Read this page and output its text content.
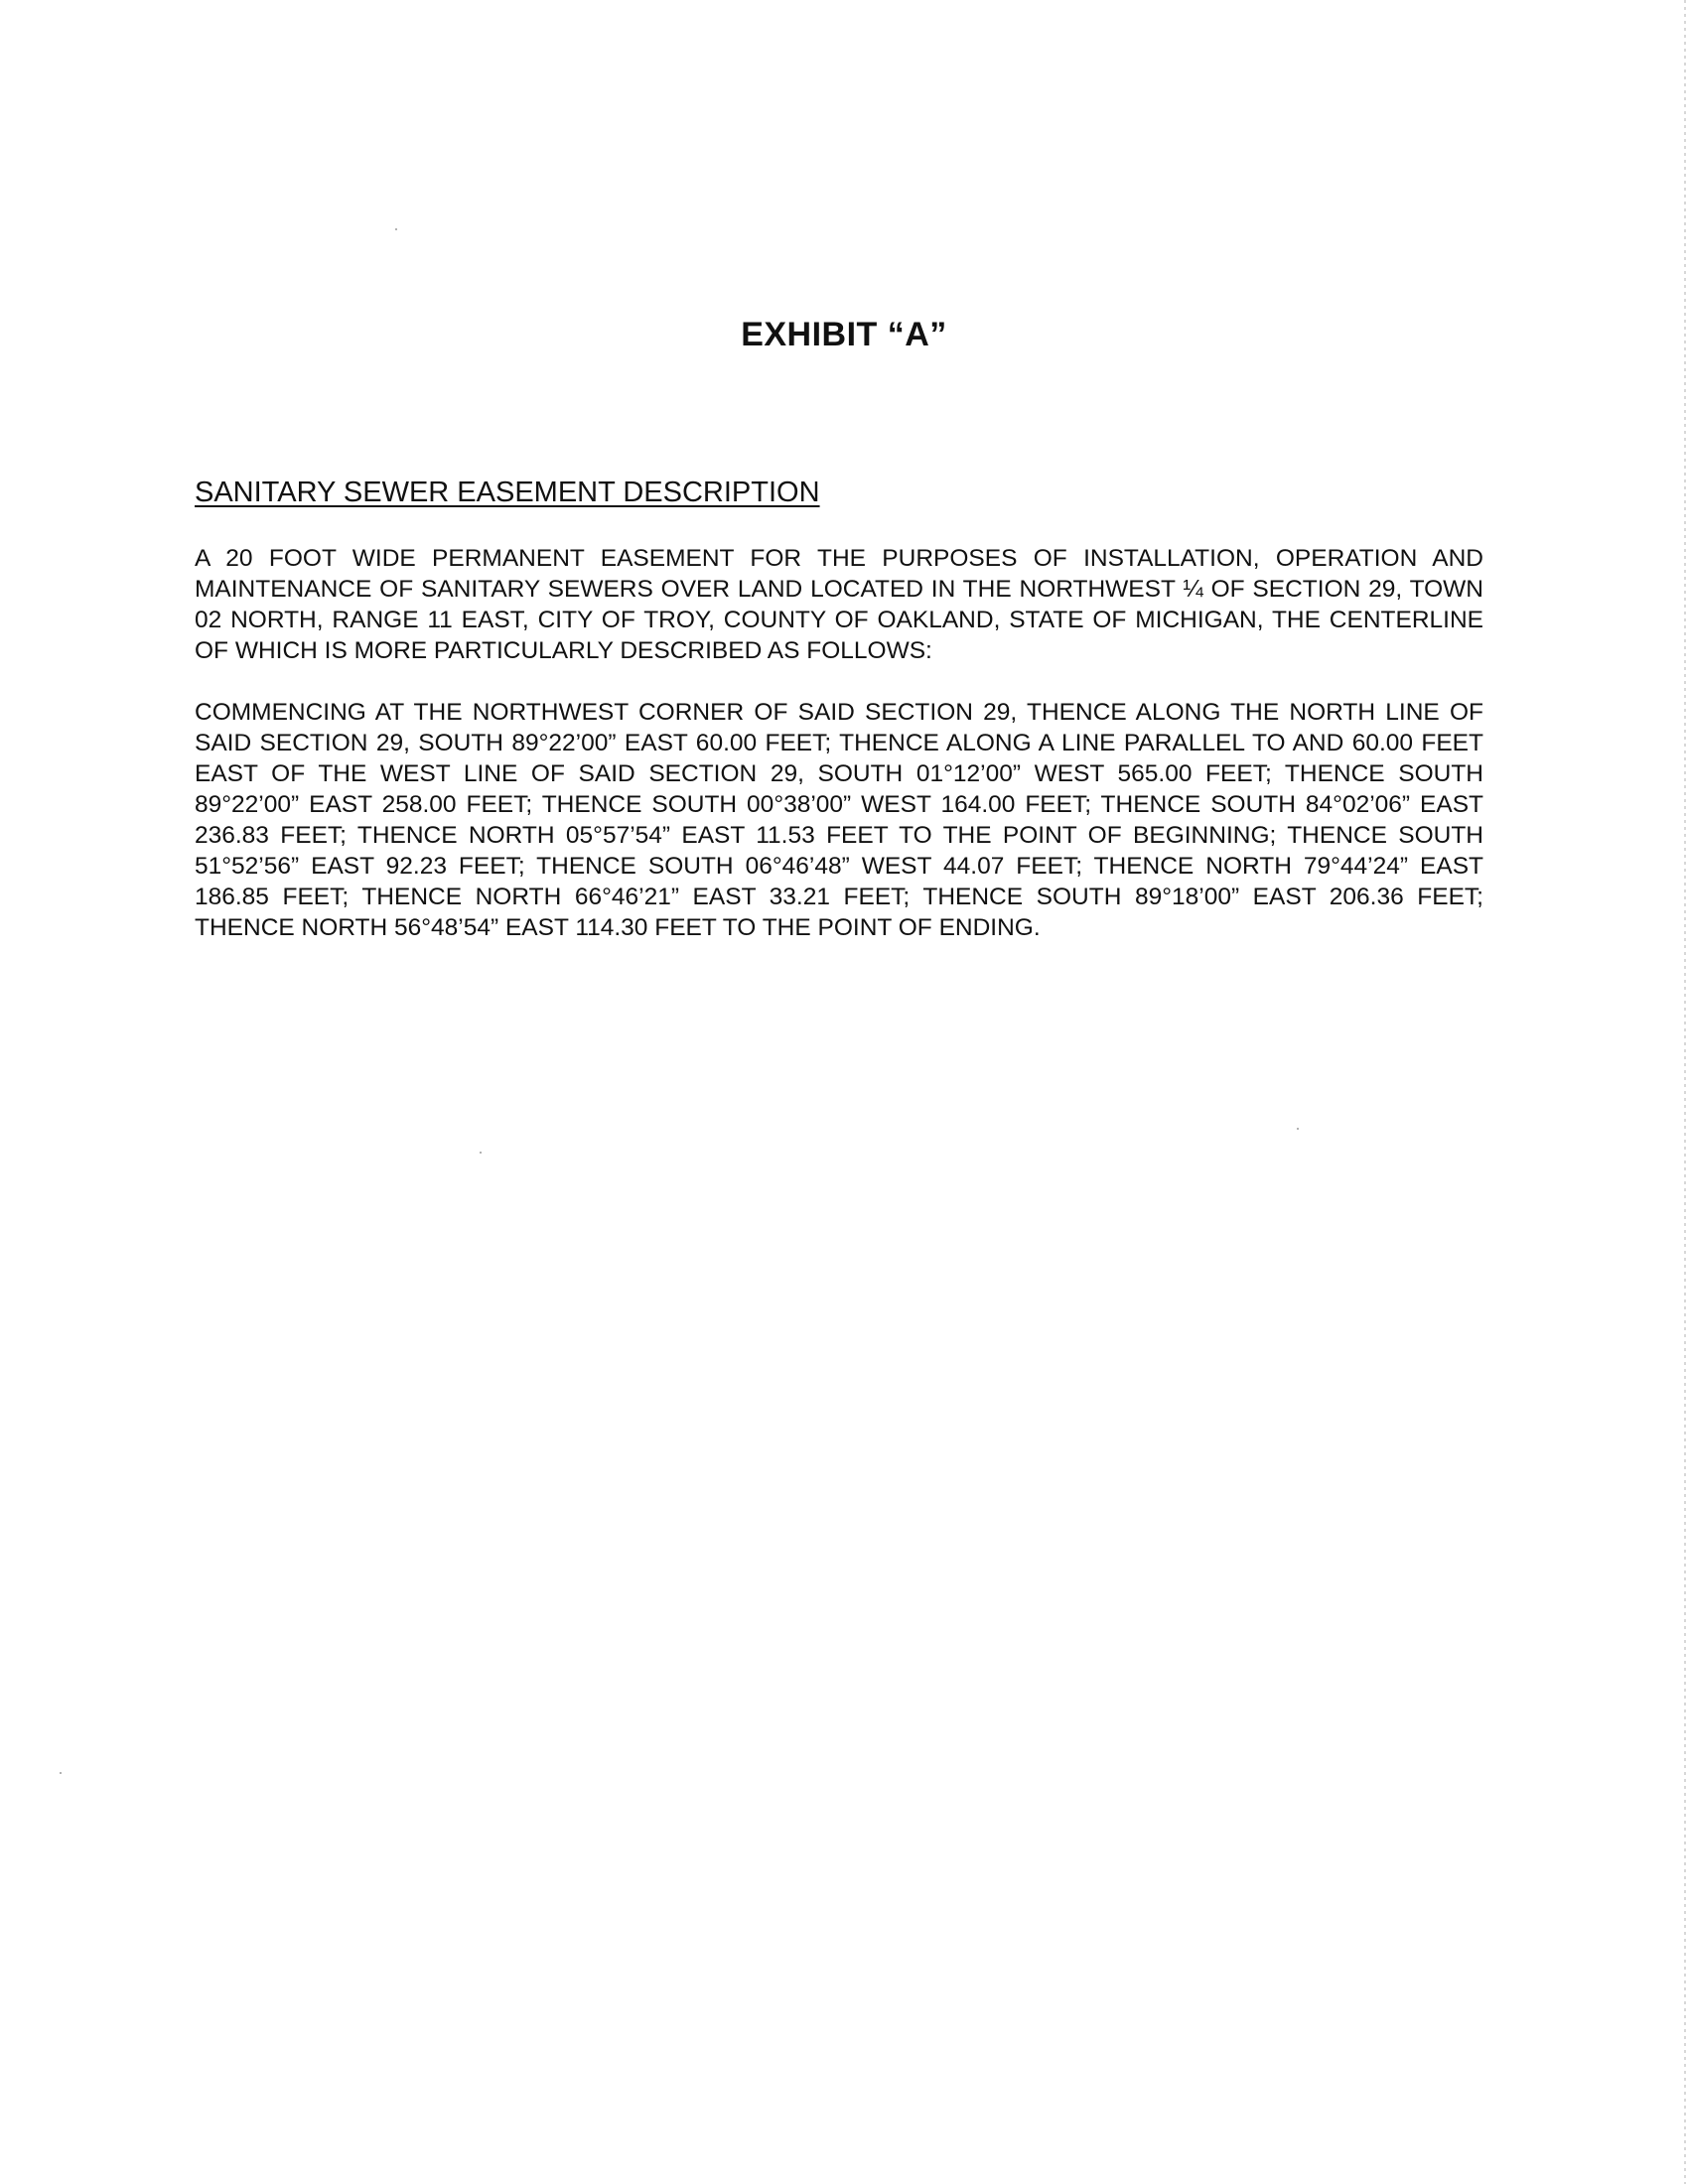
EXHIBIT “A”
SANITARY SEWER EASEMENT DESCRIPTION

A 20 FOOT WIDE PERMANENT EASEMENT FOR THE PURPOSES OF INSTALLATION, OPERATION AND MAINTENANCE OF SANITARY SEWERS OVER LAND LOCATED IN THE NORTHWEST ¼ OF SECTION 29, TOWN 02 NORTH, RANGE 11 EAST, CITY OF TROY, COUNTY OF OAKLAND, STATE OF MICHIGAN, THE CENTERLINE OF WHICH IS MORE PARTICULARLY DESCRIBED AS FOLLOWS:

COMMENCING AT THE NORTHWEST CORNER OF SAID SECTION 29, THENCE ALONG THE NORTH LINE OF SAID SECTION 29, SOUTH 89°22’00” EAST 60.00 FEET; THENCE ALONG A LINE PARALLEL TO AND 60.00 FEET EAST OF THE WEST LINE OF SAID SECTION 29, SOUTH 01°12’00” WEST 565.00 FEET; THENCE SOUTH 89°22’00” EAST 258.00 FEET; THENCE SOUTH 00°38’00” WEST 164.00 FEET; THENCE SOUTH 84°02’06” EAST 236.83 FEET; THENCE NORTH 05°57’54” EAST 11.53 FEET TO THE POINT OF BEGINNING; THENCE SOUTH 51°52’56” EAST 92.23 FEET; THENCE SOUTH 06°46’48” WEST 44.07 FEET; THENCE NORTH 79°44’24” EAST 186.85 FEET; THENCE NORTH 66°46’21” EAST 33.21 FEET; THENCE SOUTH 89°18’00” EAST 206.36 FEET; THENCE NORTH 56°48’54” EAST 114.30 FEET TO THE POINT OF ENDING.
